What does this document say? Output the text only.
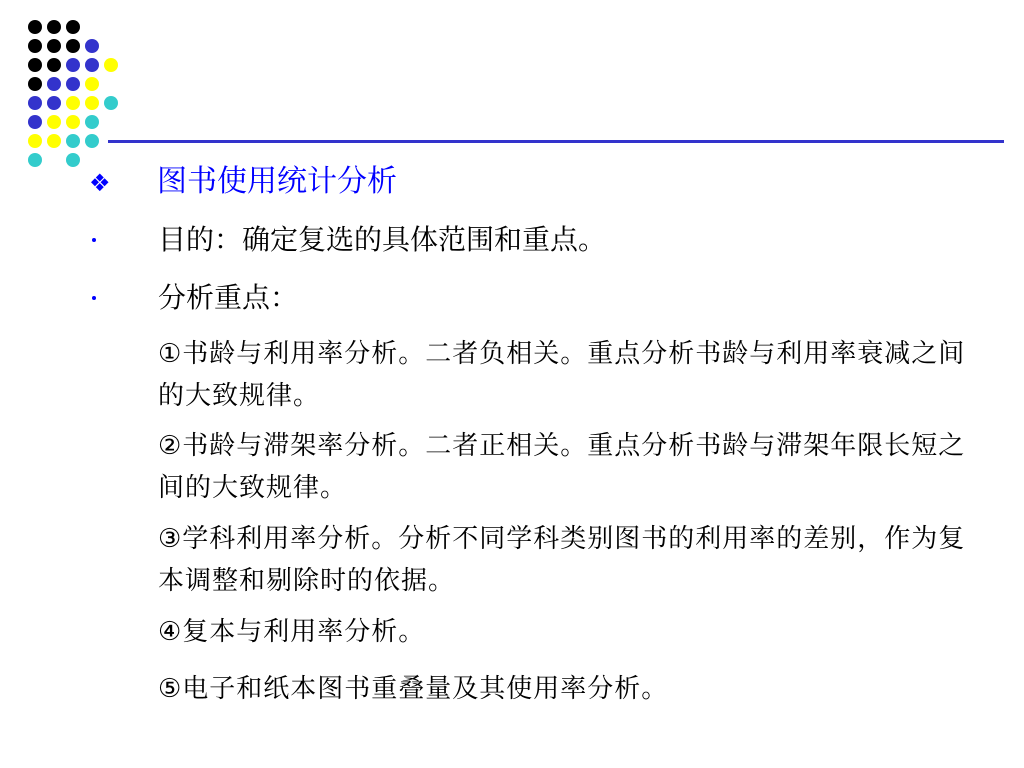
❖ 图书使用统计分析
目的：确定复选的具体范围和重点。
分析重点：
①书龄与利用率分析。二者负相关。重点分析书龄与利用率衰减之间的大致规律。
②书龄与滞架率分析。二者正相关。重点分析书龄与滞架年限长短之间的大致规律。
③学科利用率分析。分析不同学科类别图书的利用率的差别，作为复本调整和剔除时的依据。
④复本与利用率分析。
⑤电子和纸本图书重叠量及其使用率分析。
